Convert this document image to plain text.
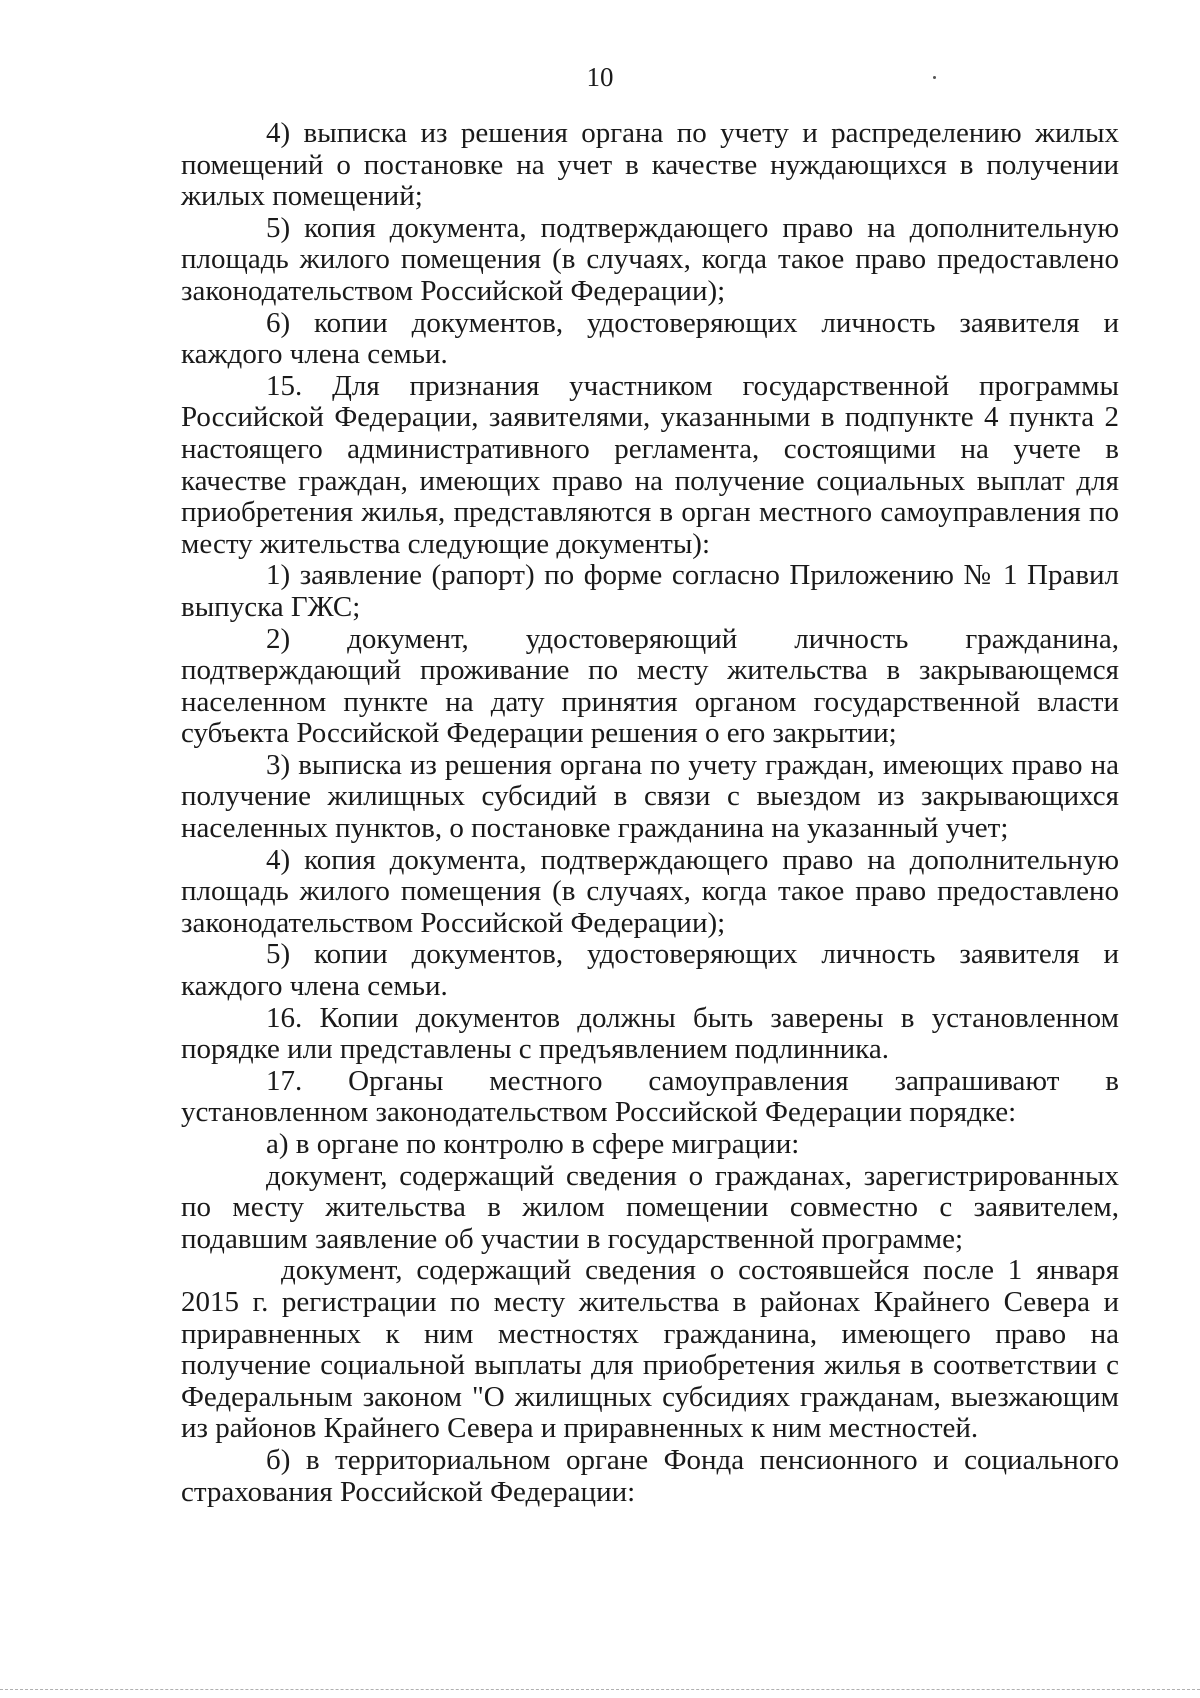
10

4) выписка из решения органа по учету и распределению жилых помещений о постановке на учет в качестве нуждающихся в получении жилых помещений;

5) копия документа, подтверждающего право на дополнительную площадь жилого помещения (в случаях, когда такое право предоставлено законодательством Российской Федерации);

6) копии документов, удостоверяющих личность заявителя и каждого члена семьи.

15. Для признания участником государственной программы Российской Федерации, заявителями, указанными в подпункте 4 пункта 2 настоящего административного регламента, состоящими на учете в качестве граждан, имеющих право на получение социальных выплат для приобретения жилья, представляются в орган местного самоуправления по месту жительства следующие документы):

1) заявление (рапорт) по форме согласно Приложению № 1 Правил выпуска ГЖС;

2) документ, удостоверяющий личность гражданина, подтверждающий проживание по месту жительства в закрывающемся населенном пункте на дату принятия органом государственной власти субъекта Российской Федерации решения о его закрытии;

3) выписка из решения органа по учету граждан, имеющих право на получение жилищных субсидий в связи с выездом из закрывающихся населенных пунктов, о постановке гражданина на указанный учет;

4) копия документа, подтверждающего право на дополнительную площадь жилого помещения (в случаях, когда такое право предоставлено законодательством Российской Федерации);

5) копии документов, удостоверяющих личность заявителя и каждого члена семьи.

16. Копии документов должны быть заверены в установленном порядке или представлены с предъявлением подлинника.

17. Органы местного самоуправления запрашивают в установленном законодательством Российской Федерации порядке:

а) в органе по контролю в сфере миграции:

документ, содержащий сведения о гражданах, зарегистрированных по месту жительства в жилом помещении совместно с заявителем, подавшим заявление об участии в государственной программе;

документ, содержащий сведения о состоявшейся после 1 января 2015 г. регистрации по месту жительства в районах Крайнего Севера и приравненных к ним местностях гражданина, имеющего право на получение социальной выплаты для приобретения жилья в соответствии с Федеральным законом "О жилищных субсидиях гражданам, выезжающим из районов Крайнего Севера и приравненных к ним местностей.

б) в территориальном органе Фонда пенсионного и социального страхования Российской Федерации:
